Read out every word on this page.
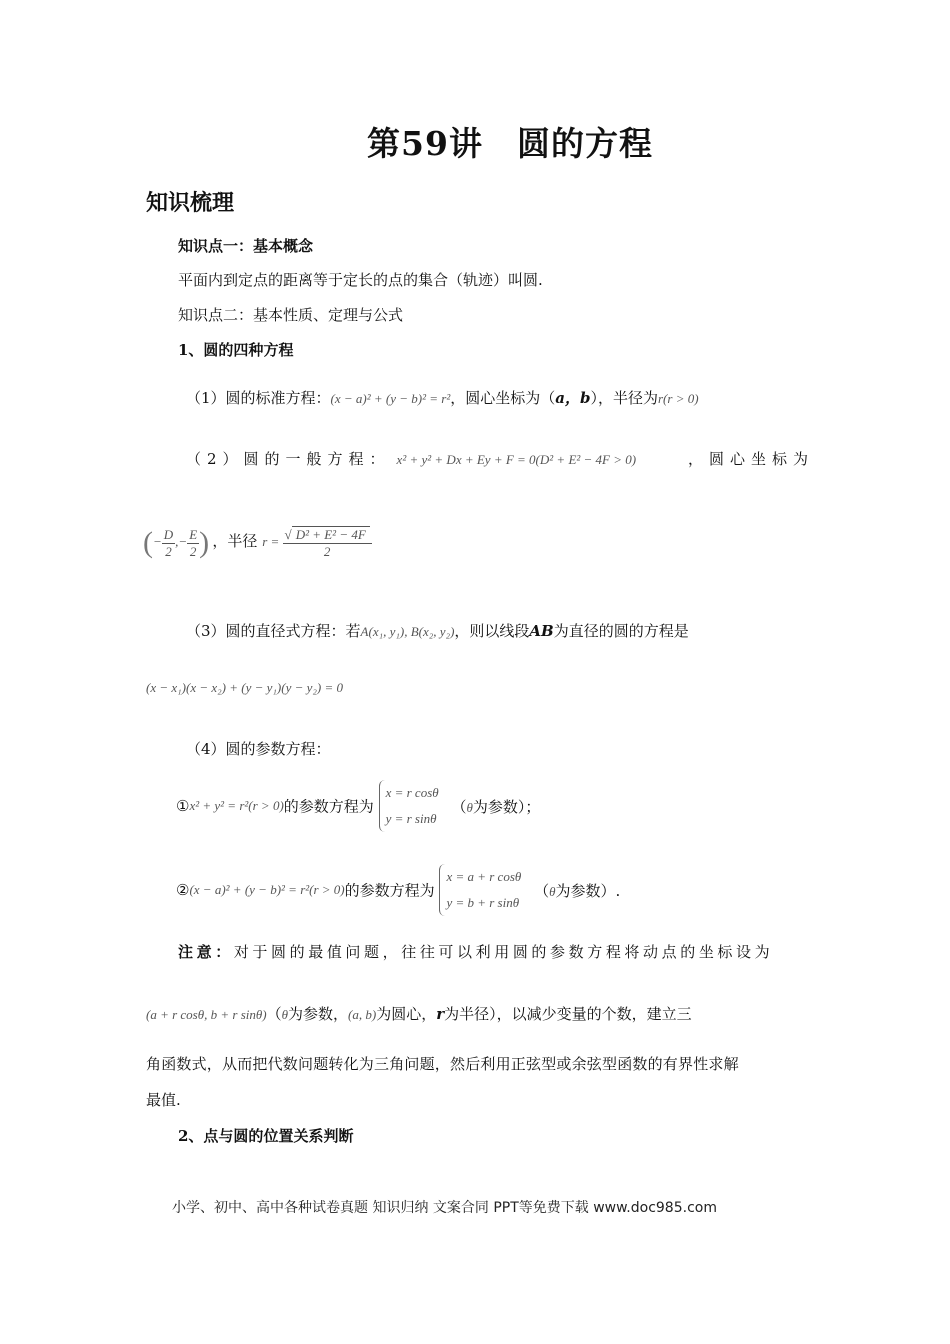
第59讲　圆的方程
知识梳理
知识点一：基本概念
平面内到定点的距离等于定长的点的集合（轨迹）叫圆.
知识点二：基本性质、定理与公式
1、圆的四种方程
（1）圆的标准方程：(x − a)² + (y − b)² = r²，圆心坐标为（a，b），半径为r(r > 0)
（2）圆的一般方程： x² + y² + Dx + Ey + F = 0(D² + E² − 4F > 0)	，圆心坐标为
(− $\frac{D}{2}$ ,− $\frac{E}{2}$ ) ，半径 $r = \frac{\text{√ D² + E² − 4F}}{2}$
（3）圆的直径式方程：若A(x₁, y₁), B(x₂, y₂)，则以线段AB为直径的圆的方程是
(x − x₁)(x − x₂) + (y − y₁)(y − y₂) = 0
（4）圆的参数方程：
①x² + y² = r²(r > 0)的参数方程为
x = r cosθ
y = r sinθ
（θ为参数）；
②(x − a)² + (y − b)² = r²(r > 0)的参数方程为
x = a + r cosθ
y = b + r sinθ
（θ为参数）.
注意：对于圆的最值问题，往往可以利用圆的参数方程将动点的坐标设为
(a + r cosθ, b + r sinθ)（θ为参数，(a, b)为圆心，r为半径），以减少变量的个数，建立三
角函数式，从而把代数问题转化为三角问题，然后利用正弦型或余弦型函数的有界性求解
最值.
2、点与圆的位置关系判断
小学、初中、高中各种试卷真题 知识归纳 文案合同 PPT等免费下载 www.doc985.com
